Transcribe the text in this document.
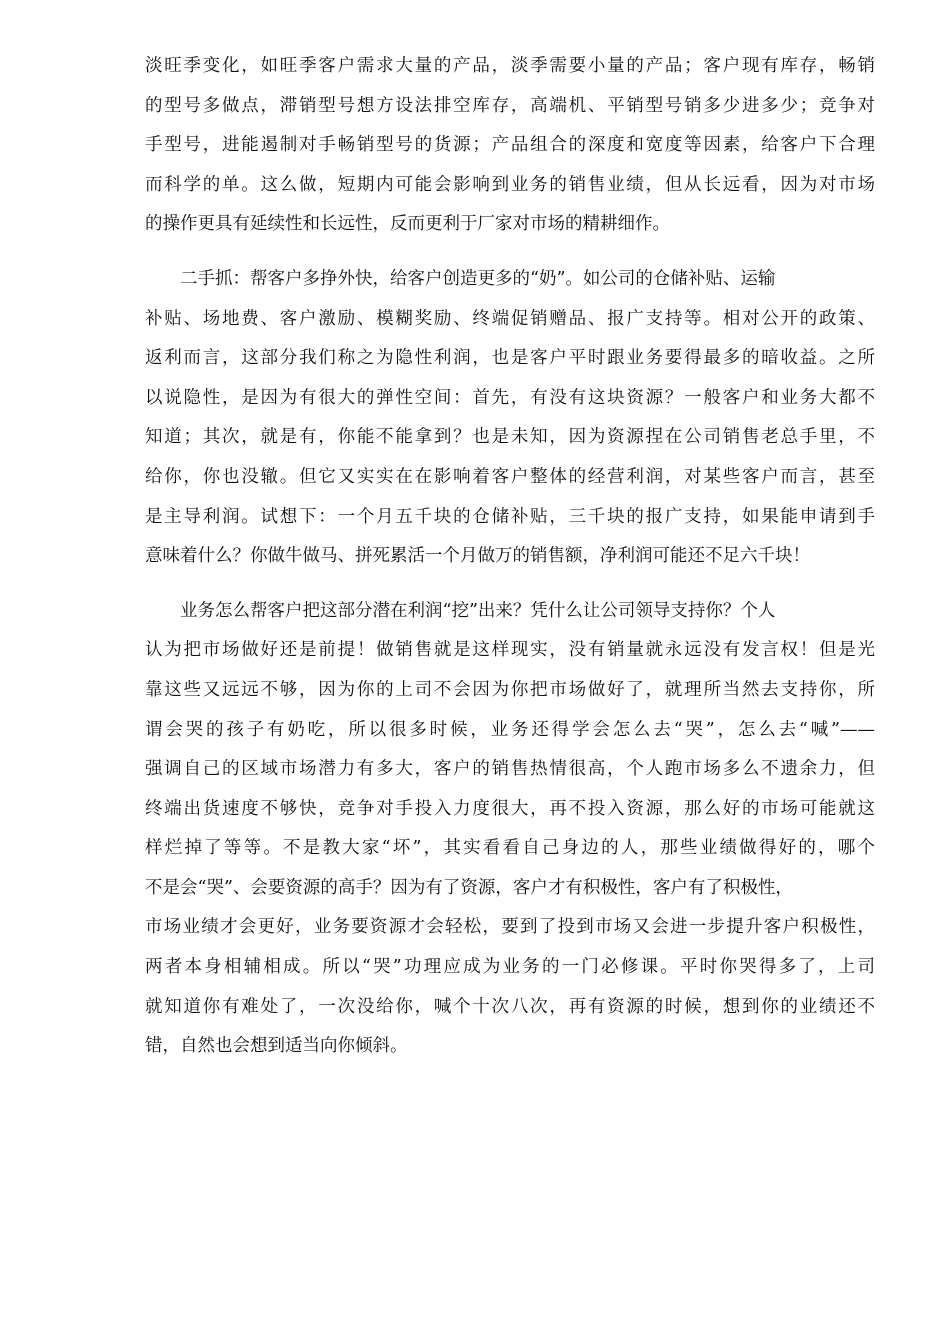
淡旺季变化，如旺季客户需求大量的产品，淡季需要小量的产品；客户现有库存，畅销
的型号多做点，滞销型号想方设法排空库存，高端机、平销型号销多少进多少；竞争对
手型号，进能遏制对手畅销型号的货源；产品组合的深度和宽度等因素，给客户下合理
而科学的单。这么做，短期内可能会影响到业务的销售业绩，但从长远看，因为对市场
的操作更具有延续性和长远性，反而更利于厂家对市场的精耕细作。
　　二手抓：帮客户多挣外快，给客户创造更多的“奶”。如公司的仓储补贴、运输
补贴、场地费、客户激励、模糊奖励、终端促销赠品、报广支持等。相对公开的政策、
返利而言，这部分我们称之为隐性利润，也是客户平时跟业务要得最多的暗收益。之所
以说隐性，是因为有很大的弹性空间：首先，有没有这块资源？一般客户和业务大都不
知道；其次，就是有，你能不能拿到？也是未知，因为资源捏在公司销售老总手里，不
给你，你也没辙。但它又实实在在影响着客户整体的经营利润，对某些客户而言，甚至
是主导利润。试想下：一个月五千块的仓储补贴，三千块的报广支持，如果能申请到手
意味着什么？你做牛做马、拼死累活一个月做万的销售额，净利润可能还不足六千块！
　　业务怎么帮客户把这部分潜在利润“挖”出来？凭什么让公司领导支持你？个人
认为把市场做好还是前提！做销售就是这样现实，没有销量就永远没有发言权！但是光
靠这些又远远不够，因为你的上司不会因为你把市场做好了，就理所当然去支持你，所
谓会哭的孩子有奶吃，所以很多时候，业务还得学会怎么去“哭”，怎么去“喊”——
强调自己的区域市场潜力有多大，客户的销售热情很高，个人跑市场多么不遗余力，但
终端出货速度不够快，竞争对手投入力度很大，再不投入资源，那么好的市场可能就这
样烂掉了等等。不是教大家“坏”，其实看看自己身边的人，那些业绩做得好的，哪个
不是会“哭”、会要资源的高手？因为有了资源，客户才有积极性，客户有了积极性，
市场业绩才会更好，业务要资源才会轻松，要到了投到市场又会进一步提升客户积极性，
两者本身相辅相成。所以“哭”功理应成为业务的一门必修课。平时你哭得多了，上司
就知道你有难处了，一次没给你，喊个十次八次，再有资源的时候，想到你的业绩还不
错，自然也会想到适当向你倾斜。
